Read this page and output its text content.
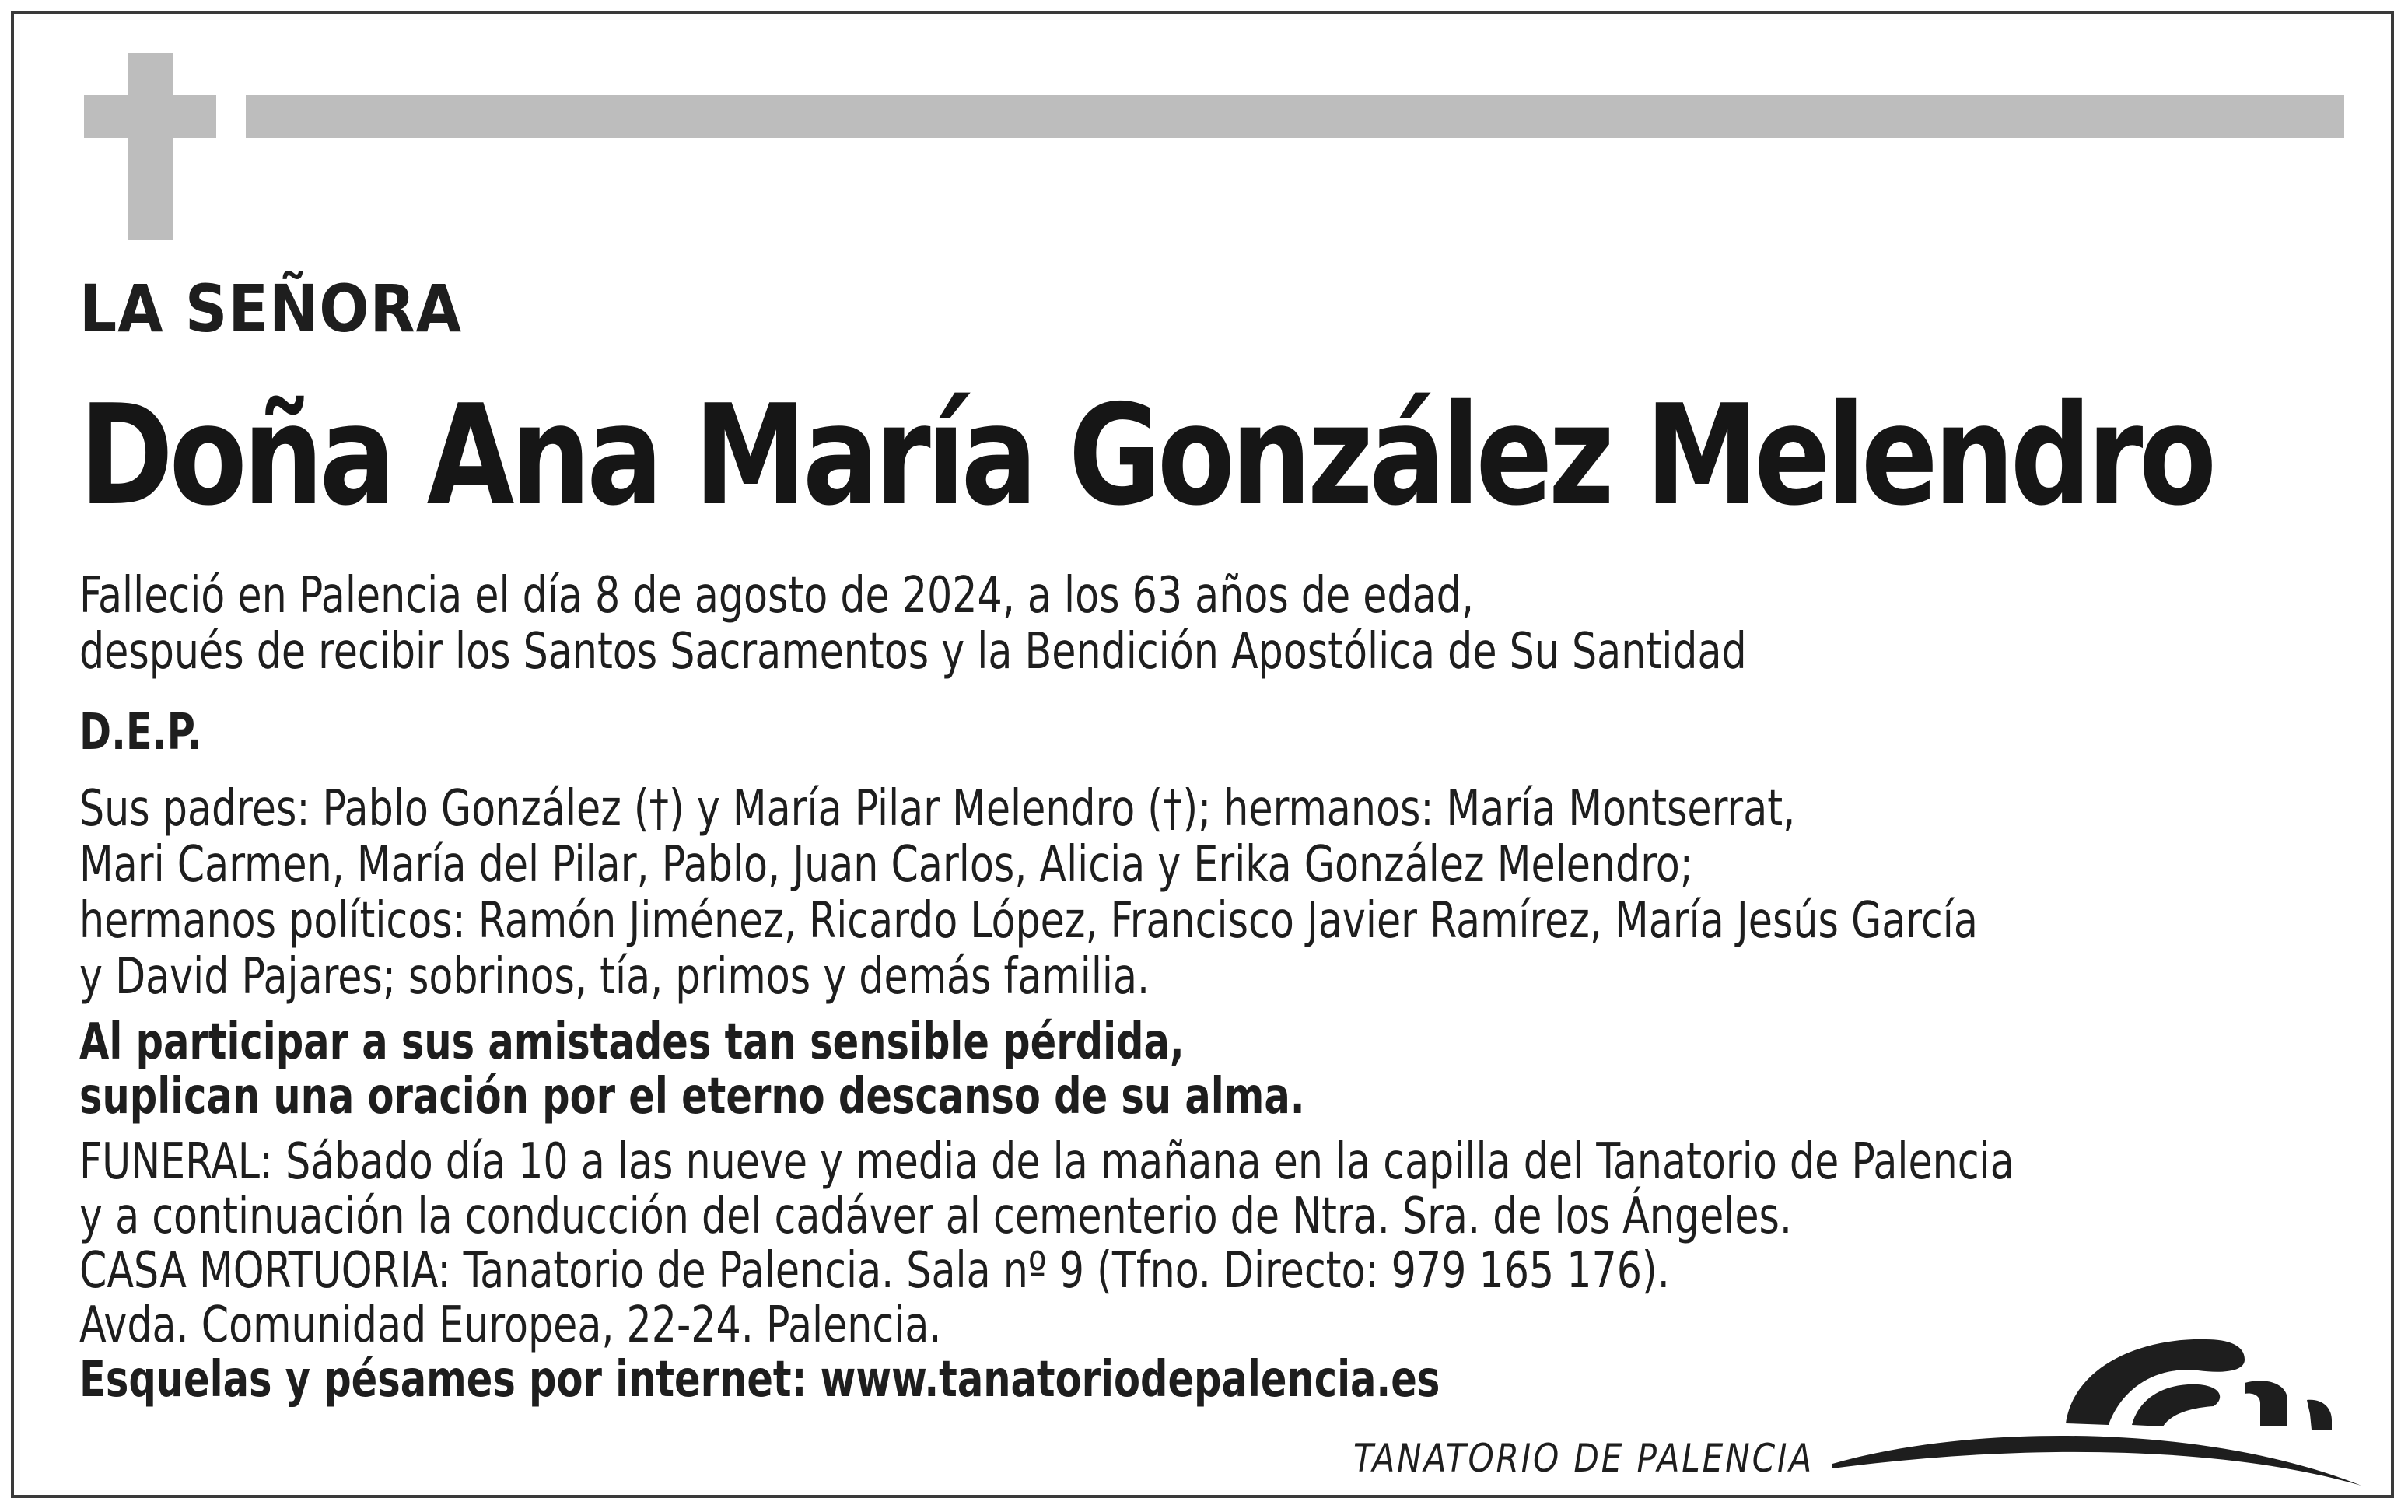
LA SEÑORA

Doña Ana María González Melendro

Falleció en Palencia el día 8 de agosto de 2024, a los 63 años de edad,

después de recibir los Santos Sacramentos y la Bendición Apostólica de Su Santidad

D.E.P.

Sus padres: Pablo González (†) y María Pilar Melendro (†); hermanos: María Montserrat,

Mari Carmen, María del Pilar, Pablo, Juan Carlos, Alicia y Erika González Melendro;

hermanos políticos: Ramón Jiménez, Ricardo López, Francisco Javier Ramírez, María Jesús García

y David Pajares; sobrinos, tía, primos y demás familia.

Al participar a sus amistades tan sensible pérdida,

suplican una oración por el eterno descanso de su alma.

FUNERAL: Sábado día 10 a las nueve y media de la mañana en la capilla del Tanatorio de Palencia

y a continuación la conducción del cadáver al cementerio de Ntra. Sra. de los Ángeles.

CASA MORTUORIA: Tanatorio de Palencia. Sala nº 9 (Tfno. Directo: 979 165 176).

Avda. Comunidad Europea, 22-24. Palencia.

Esquelas y pésames por internet: www.tanatoriodepalencia.es

TANATORIO DE PALENCIA
